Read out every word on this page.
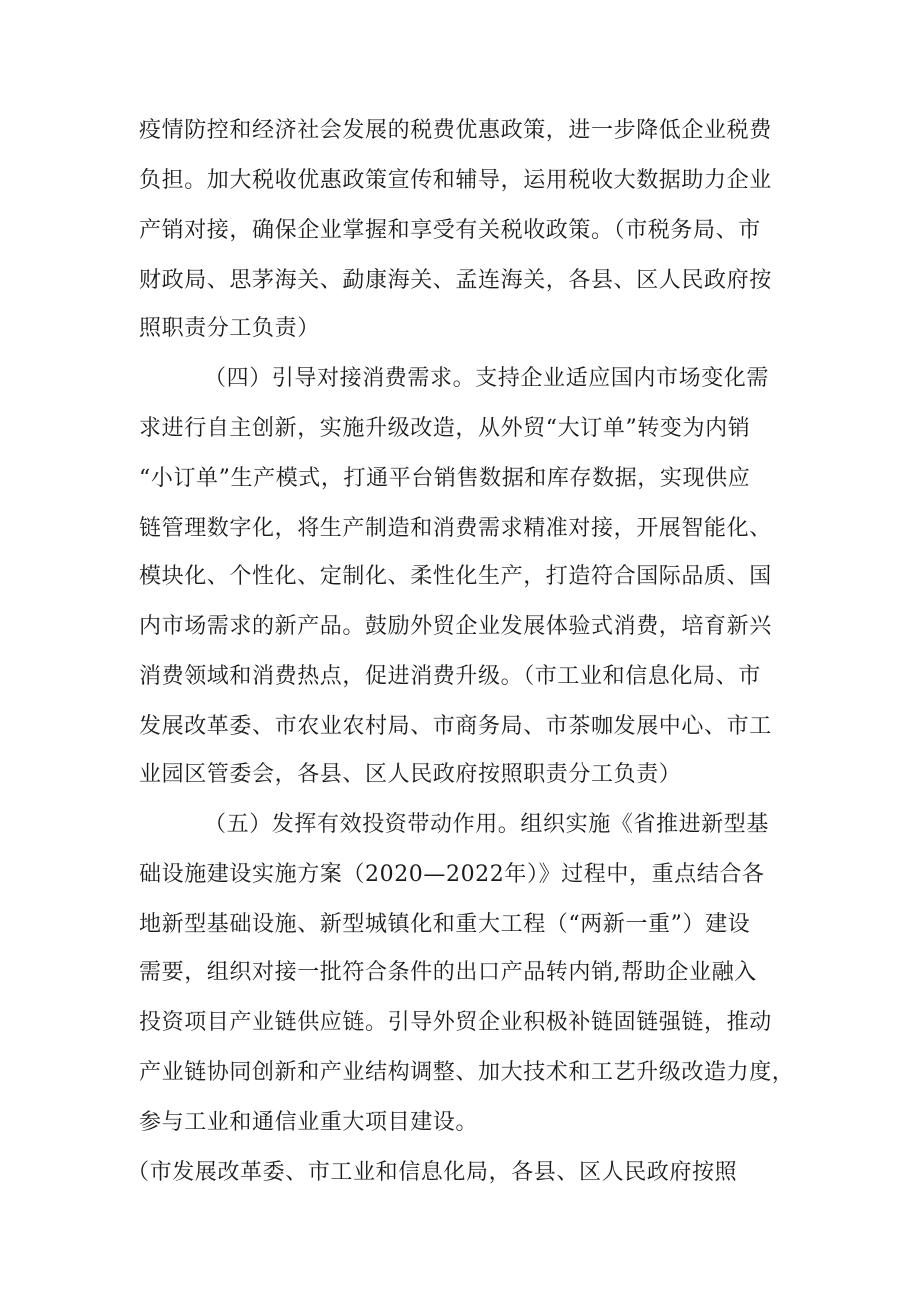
疫情防控和经济社会发展的税费优惠政策，进一步降低企业税费
负担。加大税收优惠政策宣传和辅导，运用税收大数据助力企业
产销对接，确保企业掌握和享受有关税收政策。（市税务局、市
财政局、思茅海关、勐康海关、孟连海关，各县、区人民政府按
照职责分工负责）
（四）引导对接消费需求。支持企业适应国内市场变化需
求进行自主创新，实施升级改造，从外贸“大订单”转变为内销
“小订单”生产模式，打通平台销售数据和库存数据，实现供应
链管理数字化，将生产制造和消费需求精准对接，开展智能化、
模块化、个性化、定制化、柔性化生产，打造符合国际品质、国
内市场需求的新产品。鼓励外贸企业发展体验式消费，培育新兴
消费领域和消费热点，促进消费升级。（市工业和信息化局、市
发展改革委、市农业农村局、市商务局、市茶咖发展中心、市工
业园区管委会，各县、区人民政府按照职责分工负责）
（五）发挥有效投资带动作用。组织实施《省推进新型基
础设施建设实施方案（2020—2022年）》过程中，重点结合各
地新型基础设施、新型城镇化和重大工程（“两新一重”）建设
需要，组织对接一批符合条件的出口产品转内销,帮助企业融入
投资项目产业链供应链。引导外贸企业积极补链固链强链，推动
产业链协同创新和产业结构调整、加大技术和工艺升级改造力度，
参与工业和通信业重大项目建设。
（市发展改革委、市工业和信息化局，各县、区人民政府按照
